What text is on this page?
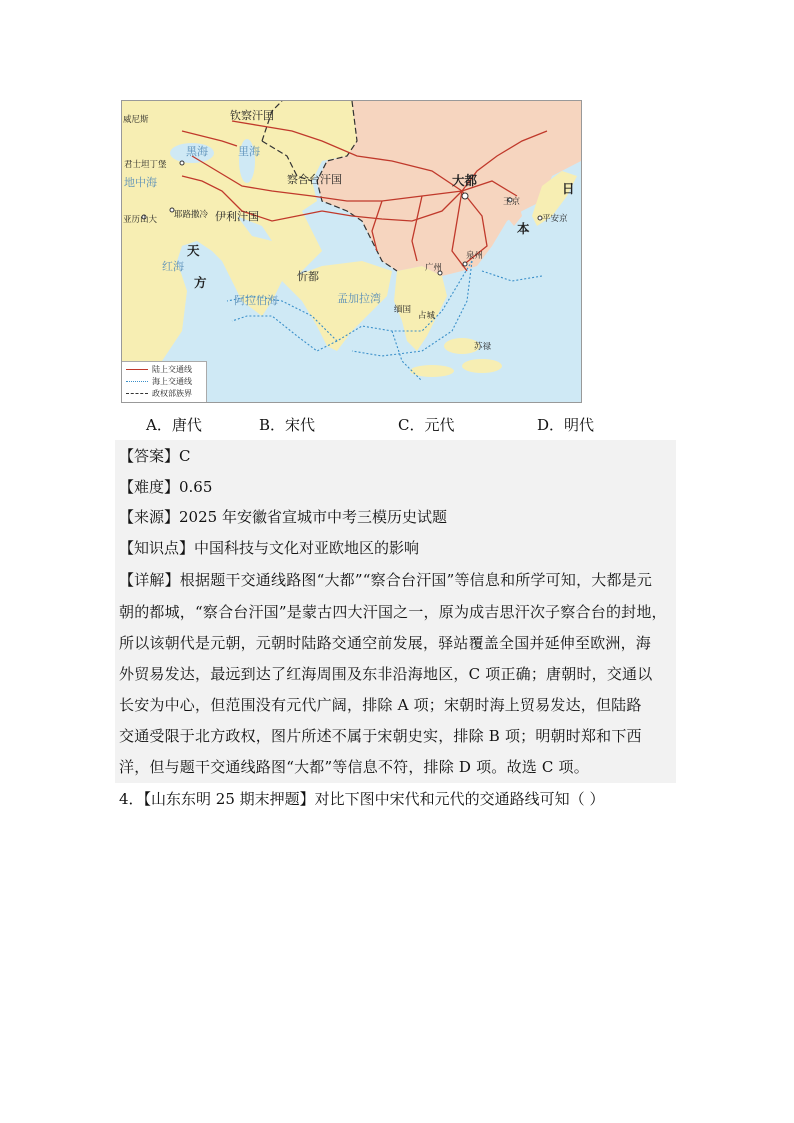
大都
察合台汗国
钦察汗国
伊利汗国
日
本
天
方	忻都
威尼斯
君士坦丁堡
亚历山大 耶路撒冷
王京
平安京
泉州
广州
缅国
占城
苏禄
黑海	里海
地中海
红海
阿拉伯海	孟加拉湾
陆上交通线
海上交通线
政权部族界
A．唐代	B．宋代	C．元代	D．明代
【答案】C
【难度】0.65
【来源】2025 年安徽省宣城市中考三模历史试题
【知识点】中国科技与文化对亚欧地区的影响
【详解】根据题干交通线路图“大都”“察合台汗国”等信息和所学可知，大都是元
朝的都城，“察合台汗国”是蒙古四大汗国之一，原为成吉思汗次子察合台的封地，
所以该朝代是元朝，元朝时陆路交通空前发展，驿站覆盖全国并延伸至欧洲，海
外贸易发达，最远到达了红海周围及东非沿海地区，C 项正确；唐朝时，交通以
长安为中心，但范围没有元代广阔，排除 A 项；宋朝时海上贸易发达，但陆路
交通受限于北方政权，图片所述不属于宋朝史实，排除 B 项；明朝时郑和下西
洋，但与题干交通线路图“大都”等信息不符，排除 D 项。故选 C 项。
4．【山东东明 25 期末押题】对比下图中宋代和元代的交通路线可知（ ）
